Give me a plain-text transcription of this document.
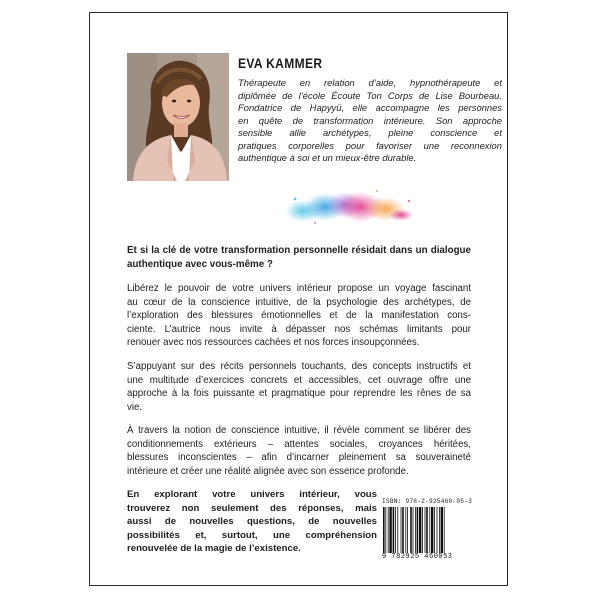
EVA KAMMER
Thérapeute en relation d’aide, hypnothérapeute et
diplômée de l’école Écoute Ton Corps de Lise Bourbeau.
Fondatrice de Hapyyü, elle accompagne les personnes
en quête de transformation intérieure. Son approche
sensible allie archétypes, pleine conscience et
pratiques corporelles pour favoriser une reconnexion
authentique à soi et un mieux-être durable.
Et si la clé de votre transformation personnelle résidait dans un dialogue
authentique avec vous-même ?
Libérez le pouvoir de votre univers intérieur propose un voyage fascinant
au cœur de la conscience intuitive, de la psychologie des archétypes, de
l’exploration des blessures émotionnelles et de la manifestation cons-
ciente. L’autrice nous invite à dépasser nos schémas limitants pour
renouer avec nos ressources cachées et nos forces insoupçonnées.
S’appuyant sur des récits personnels touchants, des concepts instructifs et
une multitude d’exercices concrets et accessibles, cet ouvrage offre une
approche à la fois puissante et pragmatique pour reprendre les rênes de sa
vie.
À travers la notion de conscience intuitive, il révèle comment se libérer des
conditionnements extérieurs – attentes sociales, croyances héritées,
blessures inconscientes – afin d’incarner pleinement sa souveraineté
intérieure et créer une réalité alignée avec son essence profonde.
En explorant votre univers intérieur, vous
trouverez non seulement des réponses, mais
aussi de nouvelles questions, de nouvelles
possibilités et, surtout, une compréhension
renouvelée de la magie de l’existence.
ISBN: 978-2-925460-05-3
9 782925 460053
